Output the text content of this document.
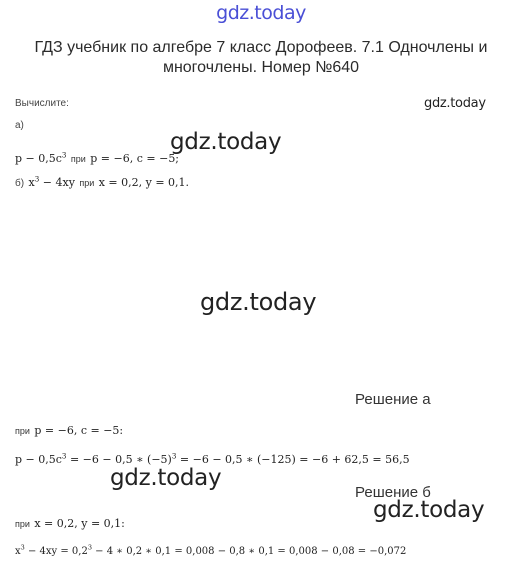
gdz.today
ГДЗ учебник по алгебре 7 класс Дорофеев. 7.1 Одночлены и многочлены. Номер №640
Вычислите:	gdz.today
а)
gdz.today
$p - 0,5c^3$ при p = −6, c = −5;
б) $x^3 - 4xy$ при x = 0,2, y = 0,1.
gdz.today
Решение а
при p = −6, c = −5:
$p - 0,5c^3 = -6 - 0,5$ ∗ $(-5)^3 = -6 - 0,5$ ∗ (−125) = −6 + 62,5 = 56,5
gdz.today
Решение б
gdz.today
при x = 0,2, y = 0,1:
$x^3 - 4xy = 0,2^3 - 4$ ∗ 0,2 ∗ 0,1 = 0,008 − 0,8 ∗ 0,1 = 0,008 − 0,08 = −0,072
